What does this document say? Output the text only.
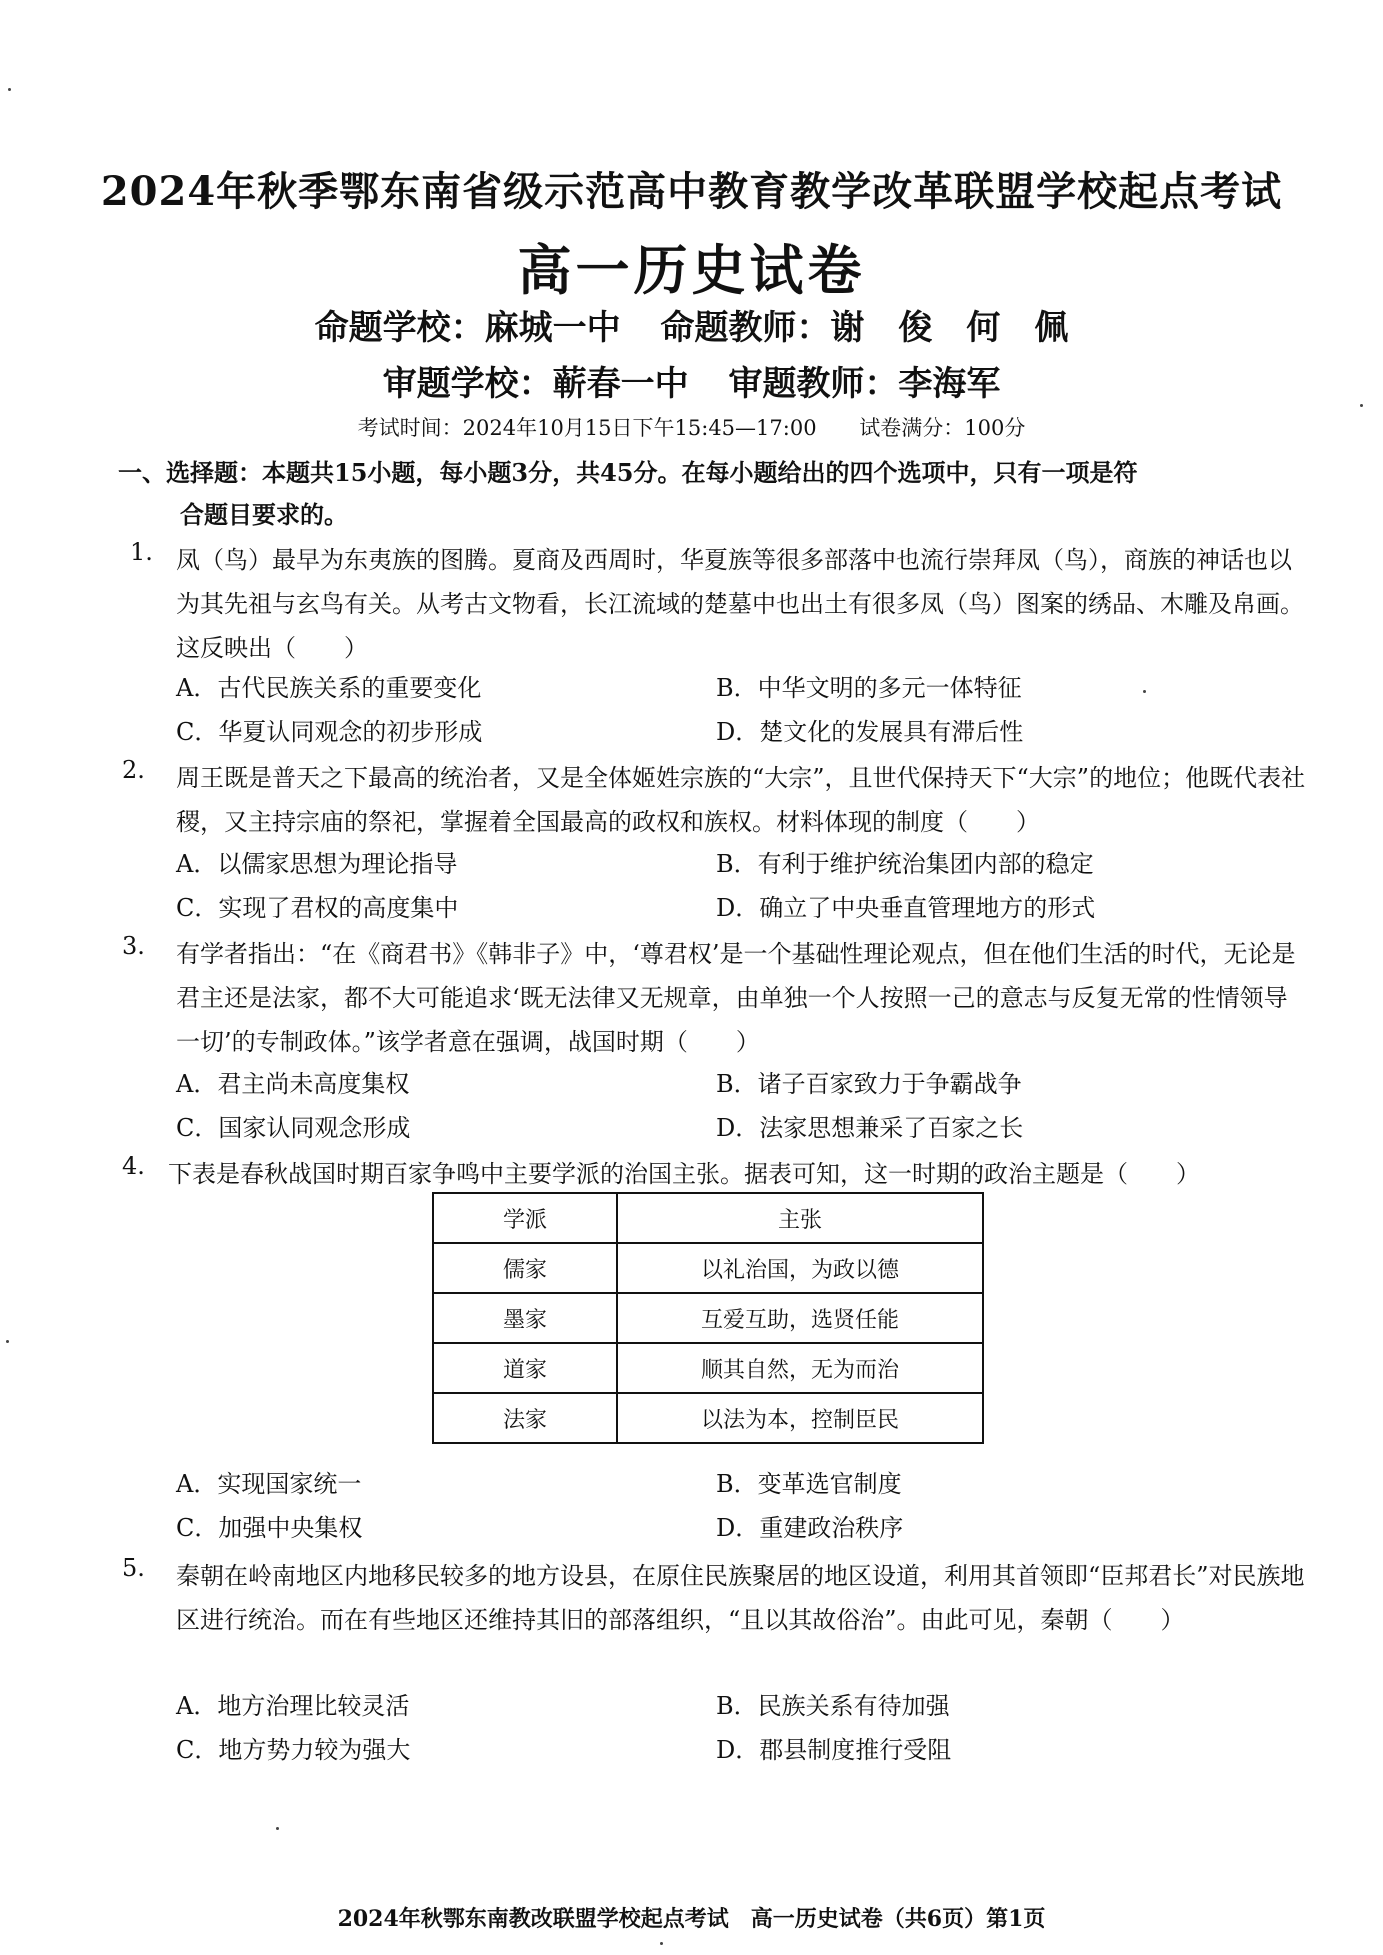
2024年秋季鄂东南省级示范高中教育教学改革联盟学校起点考试
高一历史试卷
命题学校：麻城一中 命题教师：谢　俊　何　佩
审题学校：蕲春一中 审题教师：李海军
考试时间：2024年10月15日下午15:45—17:00 试卷满分：100分
一、选择题：本题共15小题，每小题3分，共45分。在每小题给出的四个选项中，只有一项是符
合题目要求的。
1. 凤（鸟）最早为东夷族的图腾。夏商及西周时，华夏族等很多部落中也流行崇拜凤（鸟），商族的神话也以为其先祖与玄鸟有关。从考古文物看，长江流域的楚墓中也出土有很多凤（鸟）图案的绣品、木雕及帛画。这反映出（　　）
A．古代民族关系的重要变化	B．中华文明的多元一体特征
C．华夏认同观念的初步形成	D．楚文化的发展具有滞后性
2. 周王既是普天之下最高的统治者，又是全体姬姓宗族的“大宗”，且世代保持天下“大宗”的地位；他既代表社稷，又主持宗庙的祭祀，掌握着全国最高的政权和族权。材料体现的制度（　　）
A．以儒家思想为理论指导	B．有利于维护统治集团内部的稳定
C．实现了君权的高度集中	D．确立了中央垂直管理地方的形式
3. 有学者指出：“在《商君书》《韩非子》中，‘尊君权’是一个基础性理论观点，但在他们生活的时代，无论是君主还是法家，都不大可能追求‘既无法律又无规章，由单独一个人按照一己的意志与反复无常的性情领导一切’的专制政体。”该学者意在强调，战国时期（　　）
A．君主尚未高度集权	B．诸子百家致力于争霸战争
C．国家认同观念形成	D．法家思想兼采了百家之长
4. 下表是春秋战国时期百家争鸣中主要学派的治国主张。据表可知，这一时期的政治主题是（　　）
学派	主张
儒家	以礼治国，为政以德
墨家	互爱互助，选贤任能
道家	顺其自然，无为而治
法家	以法为本，控制臣民
A．实现国家统一	B．变革选官制度
C．加强中央集权	D．重建政治秩序
5. 秦朝在岭南地区内地移民较多的地方设县，在原住民族聚居的地区设道，利用其首领即“臣邦君长”对民族地区进行统治。而在有些地区还维持其旧的部落组织，“且以其故俗治”。由此可见，秦朝（　　）
A．地方治理比较灵活	B．民族关系有待加强
C．地方势力较为强大	D．郡县制度推行受阻
2024年秋鄂东南教改联盟学校起点考试　高一历史试卷（共6页）第1页
